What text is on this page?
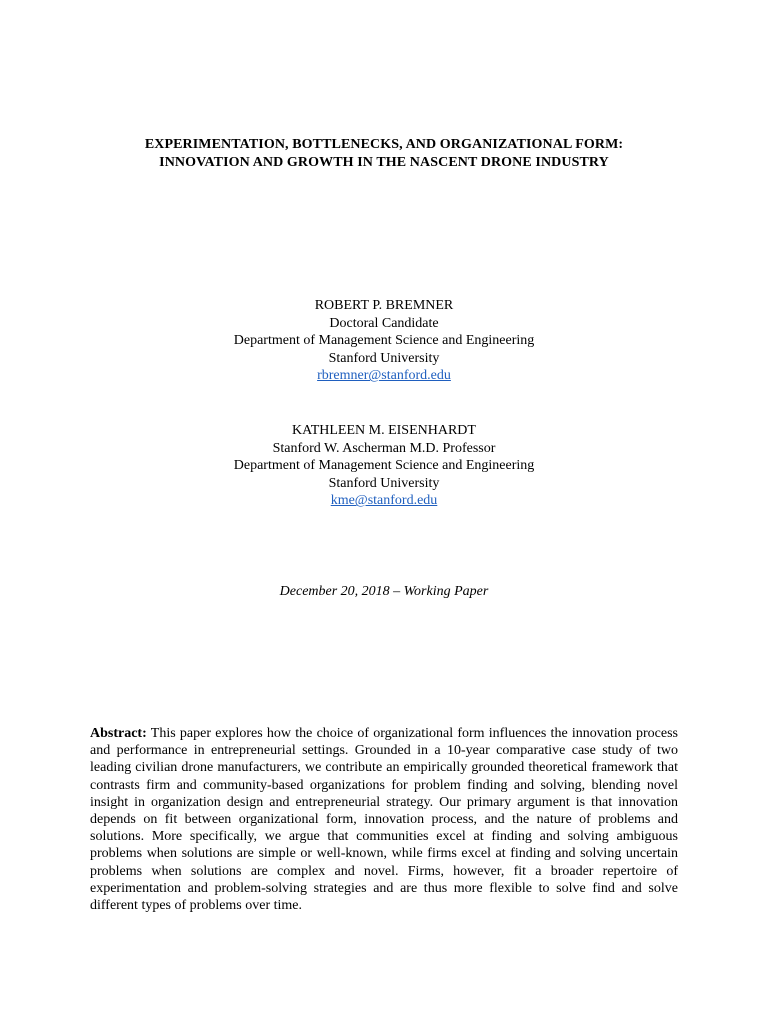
EXPERIMENTATION, BOTTLENECKS, AND ORGANIZATIONAL FORM:
INNOVATION AND GROWTH IN THE NASCENT DRONE INDUSTRY
ROBERT P. BREMNER
Doctoral Candidate
Department of Management Science and Engineering
Stanford University
rbremner@stanford.edu
KATHLEEN M. EISENHARDT
Stanford W. Ascherman M.D. Professor
Department of Management Science and Engineering
Stanford University
kme@stanford.edu
December 20, 2018 – Working Paper
Abstract: This paper explores how the choice of organizational form influences the innovation process and performance in entrepreneurial settings. Grounded in a 10-year comparative case study of two leading civilian drone manufacturers, we contribute an empirically grounded theoretical framework that contrasts firm and community-based organizations for problem finding and solving, blending novel insight in organization design and entrepreneurial strategy. Our primary argument is that innovation depends on fit between organizational form, innovation process, and the nature of problems and solutions. More specifically, we argue that communities excel at finding and solving ambiguous problems when solutions are simple or well-known, while firms excel at finding and solving uncertain problems when solutions are complex and novel. Firms, however, fit a broader repertoire of experimentation and problem-solving strategies and are thus more flexible to solve find and solve different types of problems over time.
